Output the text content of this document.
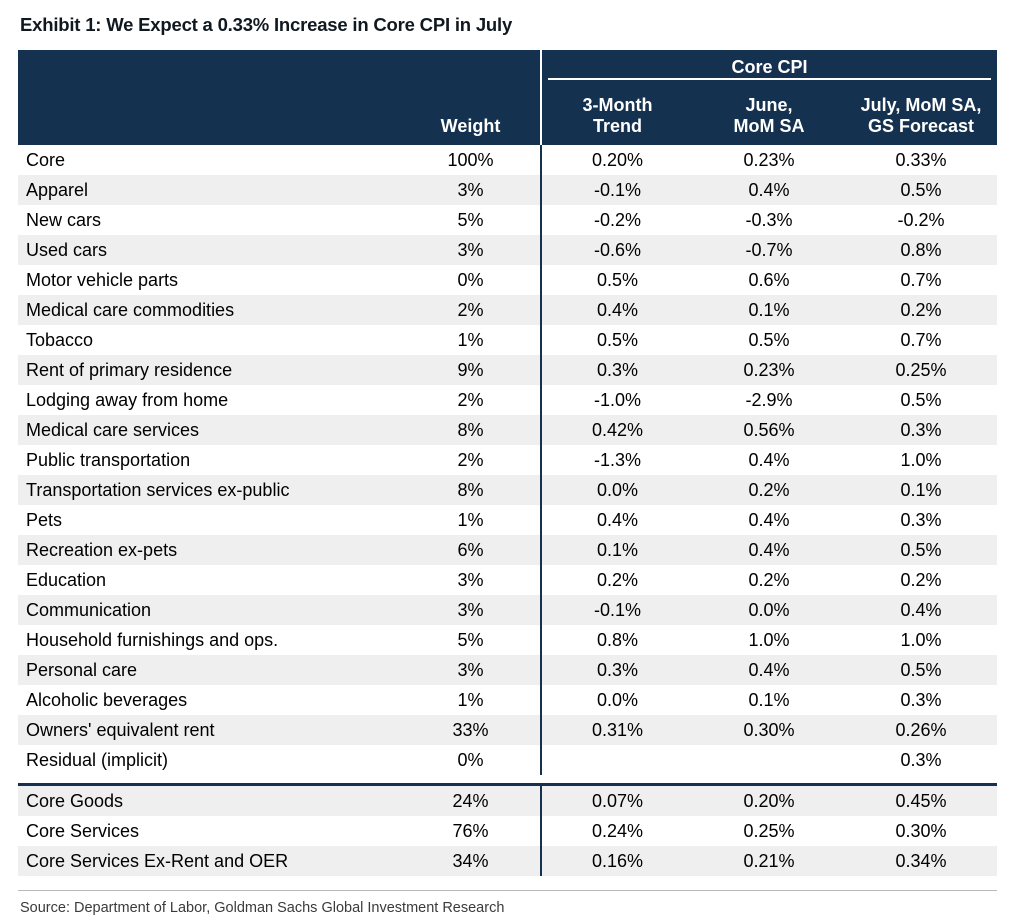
Exhibit 1: We Expect a 0.33% Increase in Core CPI in July

	Weight	Core CPI		

3-Month
Trend

June,
MoM SA

July, MoM SA,
GS Forecast

Core	100%	0.20%	0.23%	0.33%
Apparel	3%	-0.1%	0.4%	0.5%
New cars	5%	-0.2%	-0.3%	-0.2%
Used cars	3%	-0.6%	-0.7%	0.8%
Motor vehicle parts	0%	0.5%	0.6%	0.7%
Medical care commodities	2%	0.4%	0.1%	0.2%
Tobacco	1%	0.5%	0.5%	0.7%
Rent of primary residence	9%	0.3%	0.23%	0.25%
Lodging away from home	2%	-1.0%	-2.9%	0.5%
Medical care services	8%	0.42%	0.56%	0.3%
Public transportation	2%	-1.3%	0.4%	1.0%
Transportation services ex-public	8%	0.0%	0.2%	0.1%
Pets	1%	0.4%	0.4%	0.3%
Recreation ex-pets	6%	0.1%	0.4%	0.5%
Education	3%	0.2%	0.2%	0.2%
Communication	3%	-0.1%	0.0%	0.4%
Household furnishings and ops.	5%	0.8%	1.0%	1.0%
Personal care	3%	0.3%	0.4%	0.5%
Alcoholic beverages	1%	0.0%	0.1%	0.3%
Owners' equivalent rent	33%	0.31%	0.30%	0.26%
Residual (implicit)	0%			0.3%

Core Goods	24%	0.07%	0.20%	0.45%
Core Services	76%	0.24%	0.25%	0.30%
Core Services Ex-Rent and OER	34%	0.16%	0.21%	0.34%
Source: Department of Labor, Goldman Sachs Global Investment Research
